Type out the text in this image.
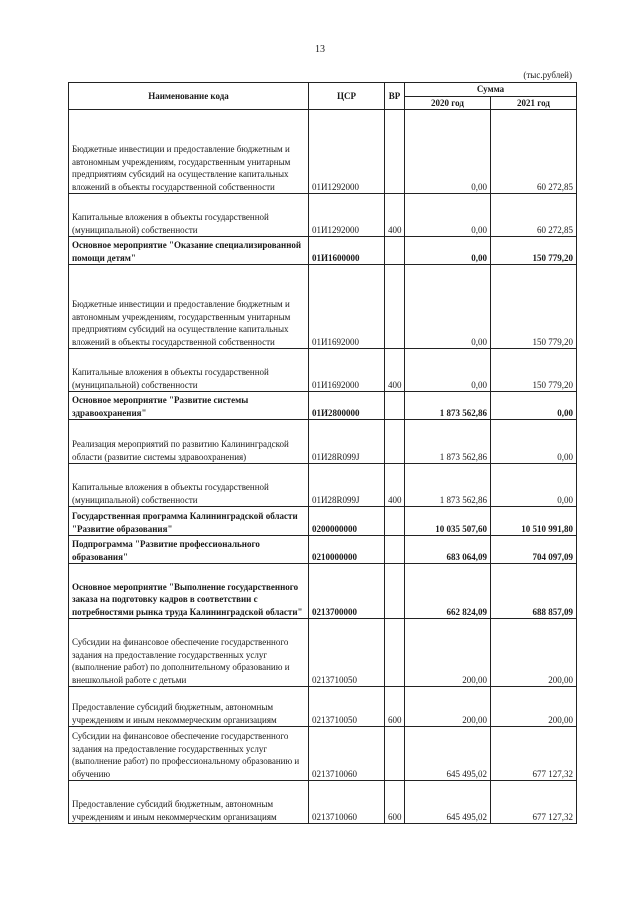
13
(тыс.рублей)
Наименование кода	ЦСР	ВР	Сумма	
			2020 год	2021 год
Бюджетные инвестиции и предоставление бюджетным и автономным учреждениям, государственным унитарным предприятиям субсидий на осуществление капитальных вложений в объекты государственной собственности	01И1292000		0,00	60 272,85
Капитальные вложения в объекты государственной (муниципальной) собственности	01И1292000	400	0,00	60 272,85
Основное мероприятие "Оказание специализированной помощи детям"	01И1600000		0,00	150 779,20
Бюджетные инвестиции и предоставление бюджетным и автономным учреждениям, государственным унитарным предприятиям субсидий на осуществление капитальных вложений в объекты государственной собственности	01И1692000		0,00	150 779,20
Капитальные вложения в объекты государственной (муниципальной) собственности	01И1692000	400	0,00	150 779,20
Основное мероприятие "Развитие системы здравоохранения"	01И2800000		1 873 562,86	0,00
Реализация мероприятий по развитию Калининградской области (развитие системы здравоохранения)	01И28R099J		1 873 562,86	0,00
Капитальные вложения в объекты государственной (муниципальной) собственности	01И28R099J	400	1 873 562,86	0,00
Государственная программа Калининградской области "Развитие образования"	0200000000		10 035 507,60	10 510 991,80
Подпрограмма "Развитие профессионального образования"	0210000000		683 064,09	704 097,09
Основное мероприятие "Выполнение государственного заказа на подготовку кадров в соответствии с потребностями рынка труда Калининградской области"	0213700000		662 824,09	688 857,09
Субсидии на финансовое обеспечение государственного задания на предоставление государственных услуг (выполнение работ) по дополнительному образованию и внешкольной работе с детьми	0213710050		200,00	200,00
Предоставление субсидий бюджетным, автономным учреждениям и иным некоммерческим организациям	0213710050	600	200,00	200,00
Субсидии на финансовое обеспечение государственного задания на предоставление государственных услуг (выполнение работ) по профессиональному образованию и обучению	0213710060		645 495,02	677 127,32
Предоставление субсидий бюджетным, автономным учреждениям и иным некоммерческим организациям	0213710060	600	645 495,02	677 127,32
